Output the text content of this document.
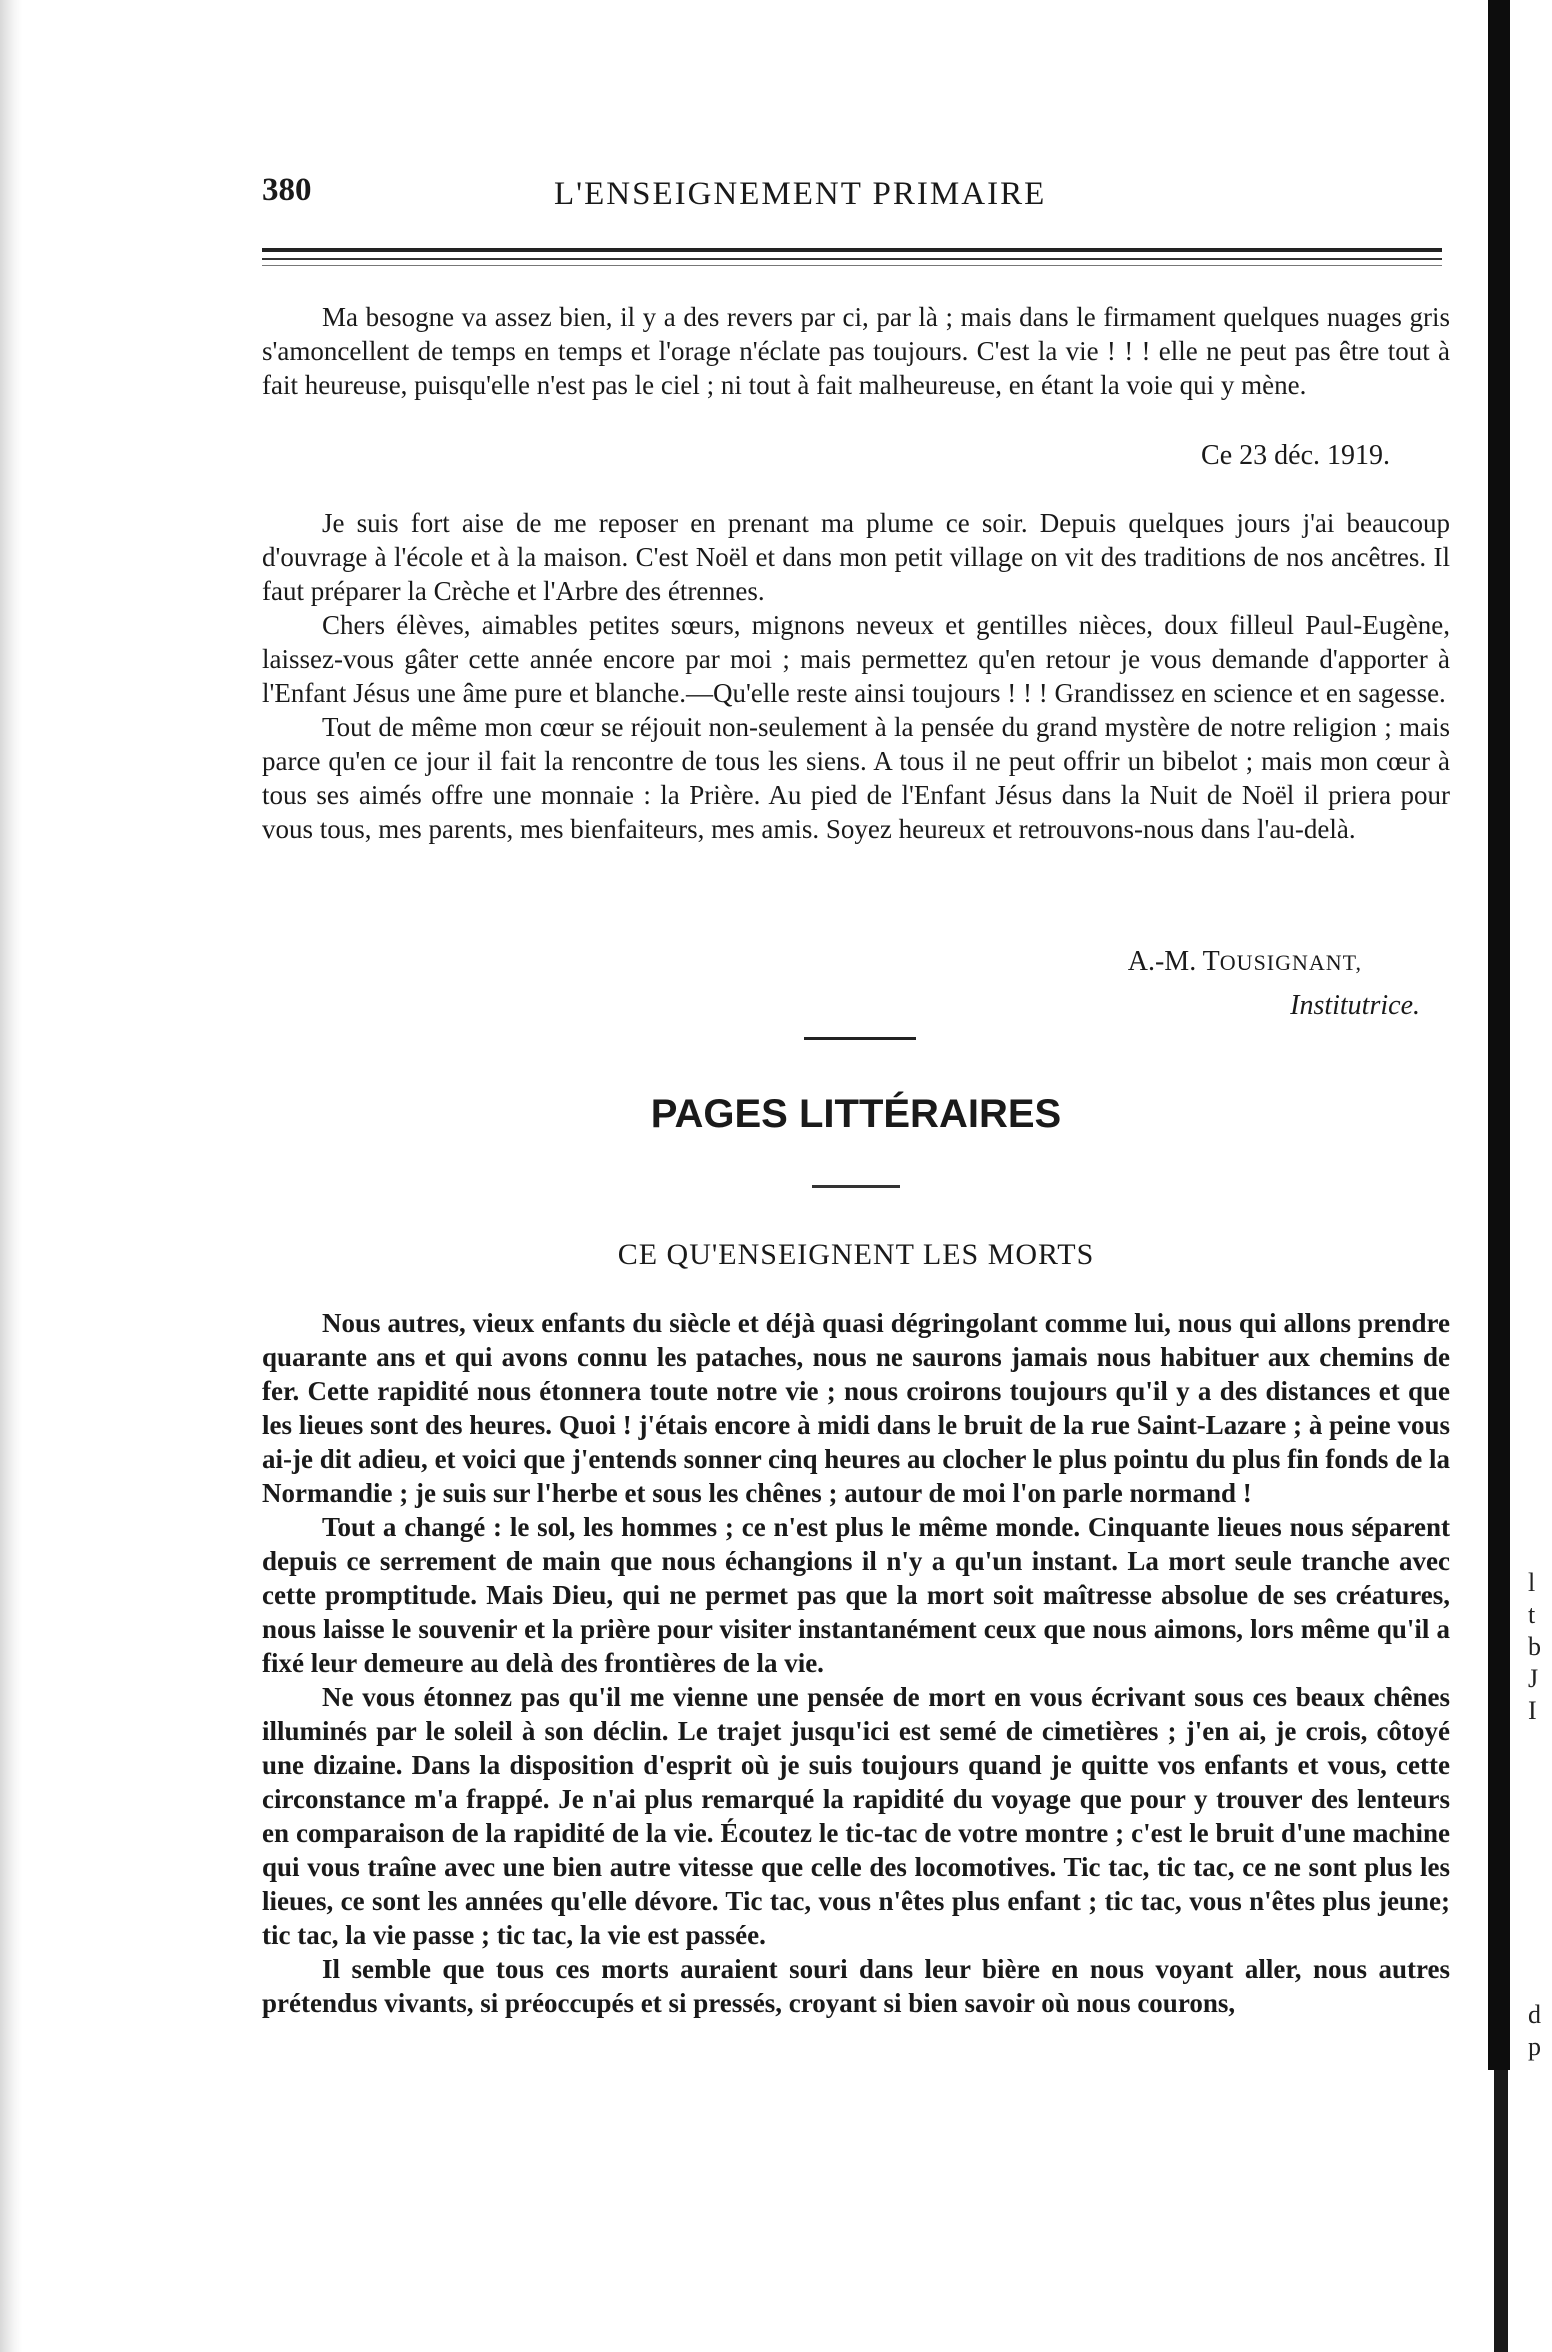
l
t
b
J
I
d
p
380	L'ENSEIGNEMENT PRIMAIRE

Ma besogne va assez bien, il y a des revers par ci, par là ; mais dans le firmament quelques nuages gris s'amoncellent de temps en temps et l'orage n'éclate pas toujours. C'est la vie ! ! ! elle ne peut pas être tout à fait heureuse, puisqu'elle n'est pas le ciel ; ni tout à fait malheureuse, en étant la voie qui y mène.

Ce 23 déc. 1919.

Je suis fort aise de me reposer en prenant ma plume ce soir. Depuis quelques jours j'ai beaucoup d'ouvrage à l'école et à la maison. C'est Noël et dans mon petit village on vit des traditions de nos ancêtres. Il faut préparer la Crèche et l'Arbre des étrennes.

Chers élèves, aimables petites sœurs, mignons neveux et gentilles nièces, doux filleul Paul-Eugène, laissez-vous gâter cette année encore par moi ; mais permettez qu'en retour je vous demande d'apporter à l'Enfant Jésus une âme pure et blanche.—Qu'elle reste ainsi toujours ! ! ! Grandissez en science et en sagesse.

Tout de même mon cœur se réjouit non-seulement à la pensée du grand mystère de notre religion ; mais parce qu'en ce jour il fait la rencontre de tous les siens. A tous il ne peut offrir un bibelot ; mais mon cœur à tous ses aimés offre une monnaie : la Prière. Au pied de l'Enfant Jésus dans la Nuit de Noël il priera pour vous tous, mes parents, mes bienfaiteurs, mes amis. Soyez heureux et retrouvons-nous dans l'au-delà.

A.-M. TOUSIGNANT,
Institutrice.
PAGES LITTÉRAIRES
CE QU'ENSEIGNENT LES MORTS

Nous autres, vieux enfants du siècle et déjà quasi dégringolant comme lui, nous qui allons prendre quarante ans et qui avons connu les pataches, nous ne saurons jamais nous habituer aux chemins de fer. Cette rapidité nous étonnera toute notre vie ; nous croirons toujours qu'il y a des distances et que les lieues sont des heures. Quoi ! j'étais encore à midi dans le bruit de la rue Saint-Lazare ; à peine vous ai-je dit adieu, et voici que j'entends sonner cinq heures au clocher le plus pointu du plus fin fonds de la Normandie ; je suis sur l'herbe et sous les chênes ; autour de moi l'on parle normand !

Tout a changé : le sol, les hommes ; ce n'est plus le même monde. Cinquante lieues nous séparent depuis ce serrement de main que nous échangions il n'y a qu'un instant. La mort seule tranche avec cette promptitude. Mais Dieu, qui ne permet pas que la mort soit maîtresse absolue de ses créatures, nous laisse le souvenir et la prière pour visiter instantanément ceux que nous aimons, lors même qu'il a fixé leur demeure au delà des frontières de la vie.

Ne vous étonnez pas qu'il me vienne une pensée de mort en vous écrivant sous ces beaux chênes illuminés par le soleil à son déclin. Le trajet jusqu'ici est semé de cimetières ; j'en ai, je crois, côtoyé une dizaine. Dans la disposition d'esprit où je suis toujours quand je quitte vos enfants et vous, cette circonstance m'a frappé. Je n'ai plus remarqué la rapidité du voyage que pour y trouver des lenteurs en comparaison de la rapidité de la vie. Écoutez le tic-tac de votre montre ; c'est le bruit d'une machine qui vous traîne avec une bien autre vitesse que celle des locomotives. Tic tac, tic tac, ce ne sont plus les lieues, ce sont les années qu'elle dévore. Tic tac, vous n'êtes plus enfant ; tic tac, vous n'êtes plus jeune; tic tac, la vie passe ; tic tac, la vie est passée.

Il semble que tous ces morts auraient souri dans leur bière en nous voyant aller, nous autres prétendus vivants, si préoccupés et si pressés, croyant si bien savoir où nous courons,
